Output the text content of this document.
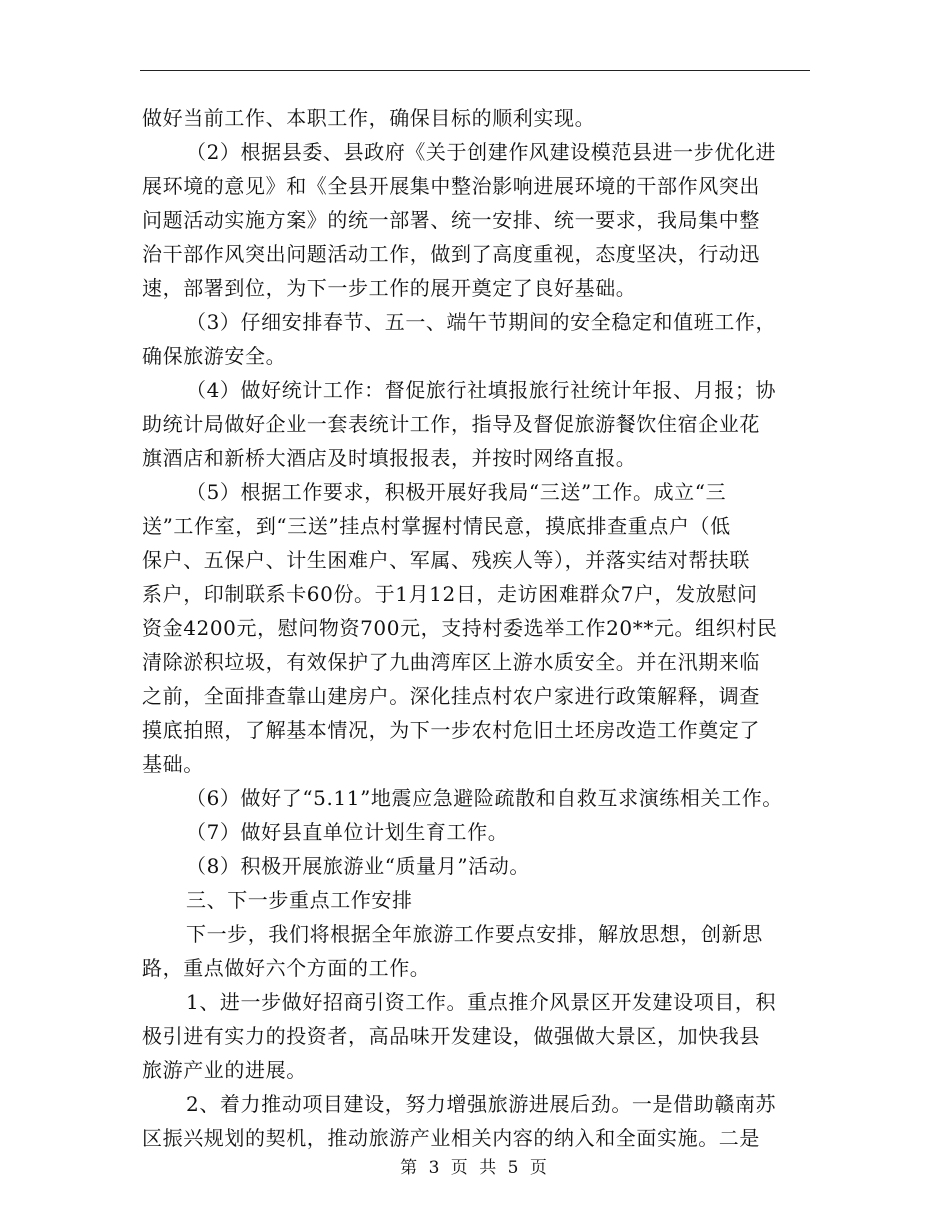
做好当前工作、本职工作，确保目标的顺利实现。
（2）根据县委、县政府《关于创建作风建设模范县进一步优化进
展环境的意见》和《全县开展集中整治影响进展环境的干部作风突出
问题活动实施方案》的统一部署、统一安排、统一要求，我局集中整
治干部作风突出问题活动工作，做到了高度重视，态度坚决，行动迅
速，部署到位，为下一步工作的展开奠定了良好基础。
（3）仔细安排春节、五一、端午节期间的安全稳定和值班工作，
确保旅游安全。
（4）做好统计工作：督促旅行社填报旅行社统计年报、月报；协
助统计局做好企业一套表统计工作，指导及督促旅游餐饮住宿企业花
旗酒店和新桥大酒店及时填报报表，并按时网络直报。
（5）根据工作要求，积极开展好我局“三送”工作。成立“三
送”工作室，到“三送”挂点村掌握村情民意，摸底排查重点户（低
保户、五保户、计生困难户、军属、残疾人等），并落实结对帮扶联
系户，印制联系卡60份。于1月12日，走访困难群众7户，发放慰问
资金4200元，慰问物资700元，支持村委选举工作20**元。组织村民
清除淤积垃圾，有效保护了九曲湾库区上游水质安全。并在汛期来临
之前，全面排查靠山建房户。深化挂点村农户家进行政策解释，调查
摸底拍照，了解基本情况，为下一步农村危旧土坯房改造工作奠定了
基础。
（6）做好了“5.11”地震应急避险疏散和自救互求演练相关工作。
（7）做好县直单位计划生育工作。
（8）积极开展旅游业“质量月”活动。
三、下一步重点工作安排
下一步，我们将根据全年旅游工作要点安排，解放思想，创新思
路，重点做好六个方面的工作。
1、进一步做好招商引资工作。重点推介风景区开发建设项目，积
极引进有实力的投资者，高品味开发建设，做强做大景区，加快我县
旅游产业的进展。
2、着力推动项目建设，努力增强旅游进展后劲。一是借助赣南苏
区振兴规划的契机，推动旅游产业相关内容的纳入和全面实施。二是
第 3 页 共 5 页
